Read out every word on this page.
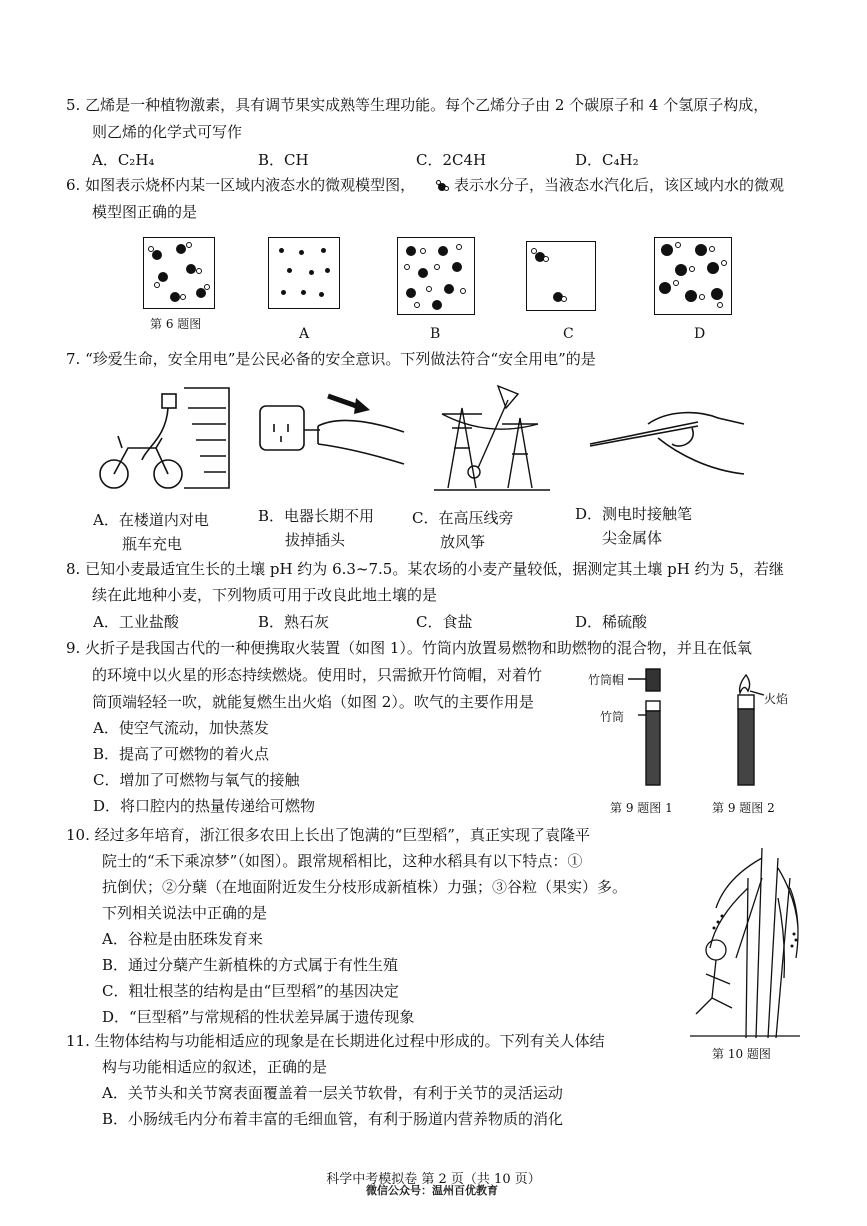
5. 乙烯是一种植物激素，具有调节果实成熟等生理功能。每个乙烯分子由 2 个碳原子和 4 个氢原子构成，
则乙烯的化学式可写作
A．C₂H₄	B．CH	C．2C4H	D．C₄H₂
6. 如图表示烧杯内某一区域内液态水的微观模型图，	表示水分子，当液态水汽化后，该区域内水的微观
模型图正确的是
第 6 题图
A	B	C	D
7. “珍爱生命，安全用电”是公民必备的安全意识。下列做法符合“安全用电”的是
A．在楼道内对电
瓶车充电
B．电器长期不用
拔掉插头
C．在高压线旁
放风筝
D．测电时接触笔
尖金属体
8. 已知小麦最适宜生长的土壤 pH 约为 6.3~7.5。某农场的小麦产量较低，据测定其土壤 pH 约为 5，若继
续在此地种小麦，下列物质可用于改良此地土壤的是
A．工业盐酸	B．熟石灰	C．食盐	D．稀硫酸
9. 火折子是我国古代的一种便携取火装置（如图 1）。竹筒内放置易燃物和助燃物的混合物，并且在低氧
的环境中以火星的形态持续燃烧。使用时，只需掀开竹筒帽，对着竹
筒顶端轻轻一吹，就能复燃生出火焰（如图 2）。吹气的主要作用是
A．使空气流动，加快蒸发
B．提高了可燃物的着火点
C．增加了可燃物与氧气的接触
D．将口腔内的热量传递给可燃物
竹筒帽
竹筒
火焰
第 9 题图 1	第 9 题图 2
10. 经过多年培育，浙江很多农田上长出了饱满的“巨型稻”，真正实现了袁隆平
院士的“禾下乘凉梦”（如图）。跟常规稻相比，这种水稻具有以下特点：①
抗倒伏；②分蘖（在地面附近发生分枝形成新植株）力强；③谷粒（果实）多。
下列相关说法中正确的是
A．谷粒是由胚珠发育来
B．通过分蘖产生新植株的方式属于有性生殖
C．粗壮根茎的结构是由“巨型稻”的基因决定
D．“巨型稻”与常规稻的性状差异属于遗传现象
第 10 题图
11. 生物体结构与功能相适应的现象是在长期进化过程中形成的。下列有关人体结
构与功能相适应的叙述，正确的是
A．关节头和关节窝表面覆盖着一层关节软骨，有利于关节的灵活运动
B．小肠绒毛内分布着丰富的毛细血管，有利于肠道内营养物质的消化
科学中考模拟卷 第 2 页（共 10 页）
微信公众号：温州百优教育
